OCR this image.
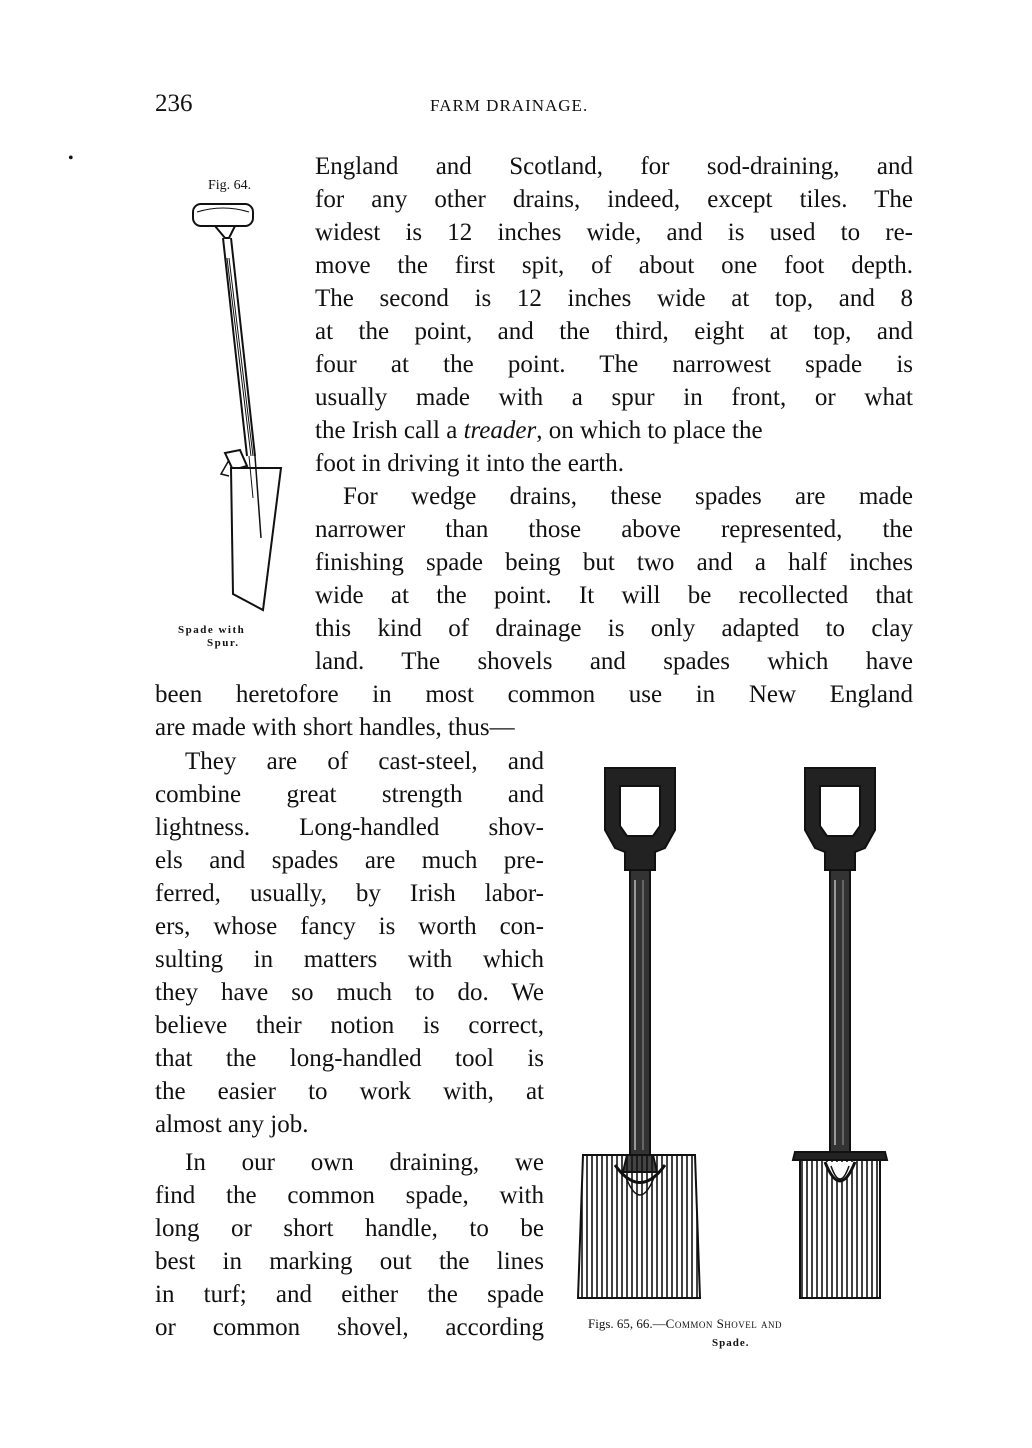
236	FARM DRAINAGE.
•
Fig. 64.
Spade with
Spur.
England and Scotland, for sod-draining, and
for any other drains, indeed, except tiles. The
widest is 12 inches wide, and is used to re-
move the first spit, of about one foot depth.
The second is 12 inches wide at top, and 8
at the point, and the third, eight at top, and
four at the point. The narrowest spade is
usually made with a spur in front, or what
the Irish call a treader , on which to place the
foot in driving it into the earth.
For wedge drains, these spades are made
narrower than those above represented, the
finishing spade being but two and a half inches
wide at the point. It will be recollected that
this kind of drainage is only adapted to clay
land. The shovels and spades which have
been heretofore in most common use in New England
are made with short handles, thus—
They are of cast-steel, and
combine great strength and
lightness. Long-handled shov-
els and spades are much pre-
ferred, usually, by Irish labor-
ers, whose fancy is worth con-
sulting in matters with which
they have so much to do. We
believe their notion is correct,
that the long-handled tool is
the easier to work with, at
almost any job.
In our own draining, we
find the common spade, with
long or short handle, to be
best in marking out the lines
in turf; and either the spade
or common shovel, according	Figs. 65, 66.—Common Shovel and
Spade.
